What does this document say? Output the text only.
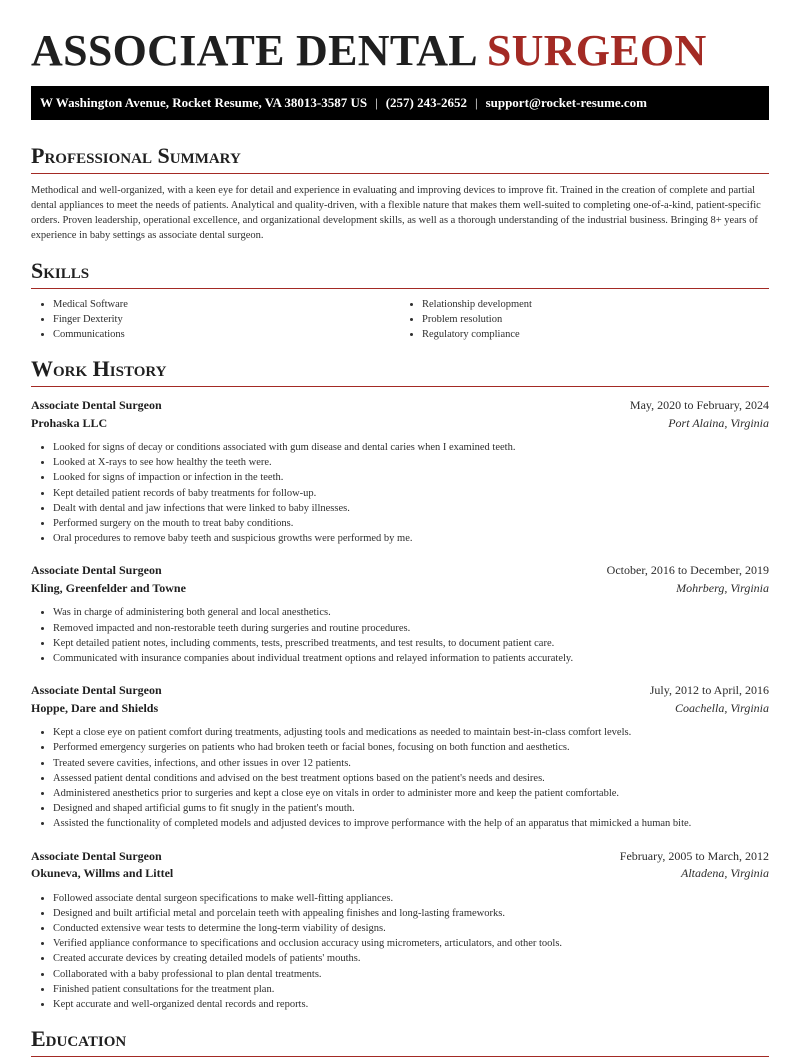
ASSOCIATE DENTAL SURGEON
W Washington Avenue, Rocket Resume, VA 38013-3587 US | (257) 243-2652 | support@rocket-resume.com
Professional Summary

Methodical and well-organized, with a keen eye for detail and experience in evaluating and improving devices to improve fit. Trained in the creation of complete and partial dental appliances to meet the needs of patients. Analytical and quality-driven, with a flexible nature that makes them well-suited to completing one-of-a-kind, patient-specific orders. Proven leadership, operational excellence, and organizational development skills, as well as a thorough understanding of the industrial business. Bringing 8+ years of experience in baby settings as associate dental surgeon.

Skills
• Medical Software
• Finger Dexterity
• Communications
• Relationship development
• Problem resolution
• Regulatory compliance
Work History
Associate Dental Surgeon	May, 2020 to February, 2024
Prohaska LLC	Port Alaina, Virginia
• Looked for signs of decay or conditions associated with gum disease and dental caries when I examined teeth.
• Looked at X-rays to see how healthy the teeth were.
• Looked for signs of impaction or infection in the teeth.
• Kept detailed patient records of baby treatments for follow-up.
• Dealt with dental and jaw infections that were linked to baby illnesses.
• Performed surgery on the mouth to treat baby conditions.
• Oral procedures to remove baby teeth and suspicious growths were performed by me.
Associate Dental Surgeon	October, 2016 to December, 2019
Kling, Greenfelder and Towne	Mohrberg, Virginia
• Was in charge of administering both general and local anesthetics.
• Removed impacted and non-restorable teeth during surgeries and routine procedures.
• Kept detailed patient notes, including comments, tests, prescribed treatments, and test results, to document patient care.
• Communicated with insurance companies about individual treatment options and relayed information to patients accurately.
Associate Dental Surgeon	July, 2012 to April, 2016
Hoppe, Dare and Shields	Coachella, Virginia
• Kept a close eye on patient comfort during treatments, adjusting tools and medications as needed to maintain best-in-class comfort levels.
• Performed emergency surgeries on patients who had broken teeth or facial bones, focusing on both function and aesthetics.
• Treated severe cavities, infections, and other issues in over 12 patients.
• Assessed patient dental conditions and advised on the best treatment options based on the patient's needs and desires.
• Administered anesthetics prior to surgeries and kept a close eye on vitals in order to administer more and keep the patient comfortable.
• Designed and shaped artificial gums to fit snugly in the patient's mouth.
• Assisted the functionality of completed models and adjusted devices to improve performance with the help of an apparatus that mimicked a human bite.
Associate Dental Surgeon	February, 2005 to March, 2012
Okuneva, Willms and Littel	Altadena, Virginia
• Followed associate dental surgeon specifications to make well-fitting appliances.
• Designed and built artificial metal and porcelain teeth with appealing finishes and long-lasting frameworks.
• Conducted extensive wear tests to determine the long-term viability of designs.
• Verified appliance conformance to specifications and occlusion accuracy using micrometers, articulators, and other tools.
• Created accurate devices by creating detailed models of patients' mouths.
• Collaborated with a baby professional to plan dental treatments.
• Finished patient consultations for the treatment plan.
• Kept accurate and well-organized dental records and reports.
Education
